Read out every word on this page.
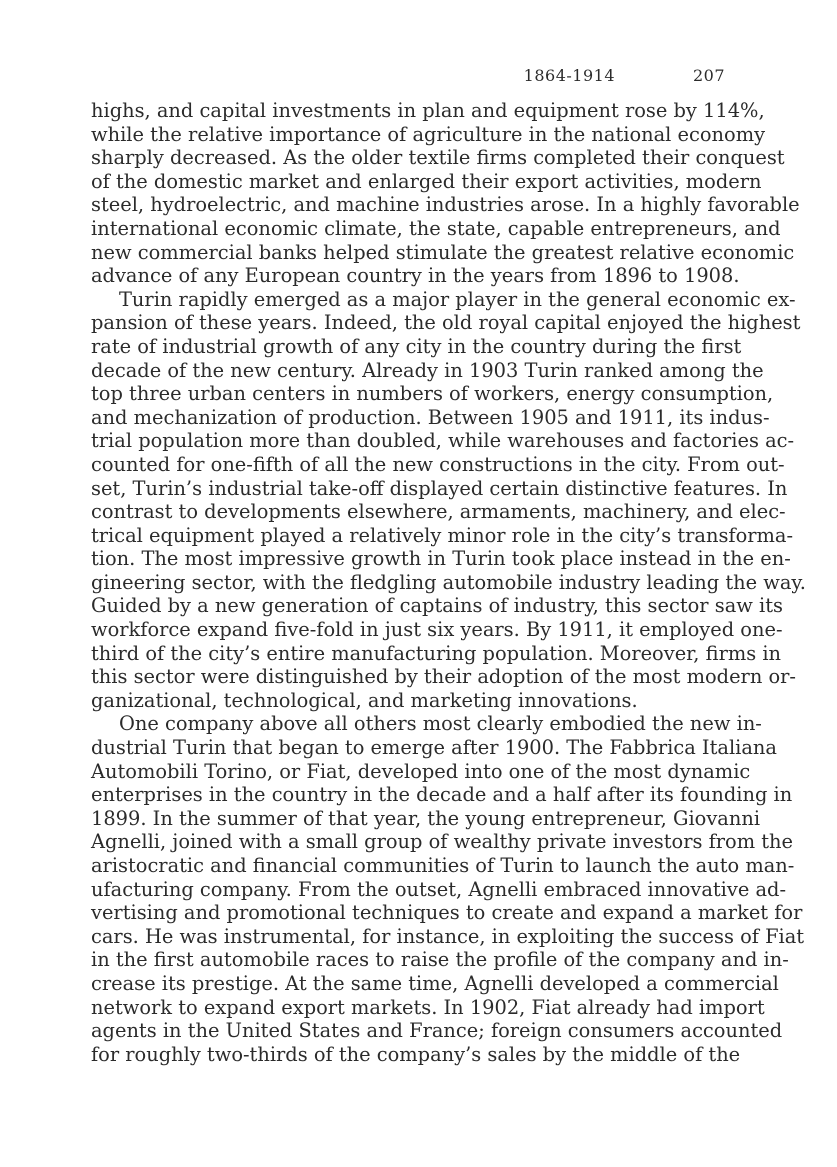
1864-1914	207
highs, and capital investments in plan and equipment rose by 114%,
while the relative importance of agriculture in the national economy
sharply decreased. As the older textile firms completed their conquest
of the domestic market and enlarged their export activities, modern
steel, hydroelectric, and machine industries arose. In a highly favorable
international economic climate, the state, capable entrepreneurs, and
new commercial banks helped stimulate the greatest relative economic
advance of any European country in the years from 1896 to 1908.
Turin rapidly emerged as a major player in the general economic ex-
pansion of these years. Indeed, the old royal capital enjoyed the highest
rate of industrial growth of any city in the country during the first
decade of the new century. Already in 1903 Turin ranked among the
top three urban centers in numbers of workers, energy consumption,
and mechanization of production. Between 1905 and 1911, its indus-
trial population more than doubled, while warehouses and factories ac-
counted for one-fifth of all the new constructions in the city. From out-
set, Turin’s industrial take-off displayed certain distinctive features. In
contrast to developments elsewhere, armaments, machinery, and elec-
trical equipment played a relatively minor role in the city’s transforma-
tion. The most impressive growth in Turin took place instead in the en-
gineering sector, with the fledgling automobile industry leading the way.
Guided by a new generation of captains of industry, this sector saw its
workforce expand five-fold in just six years. By 1911, it employed one-
third of the city’s entire manufacturing population. Moreover, firms in
this sector were distinguished by their adoption of the most modern or-
ganizational, technological, and marketing innovations.
One company above all others most clearly embodied the new in-
dustrial Turin that began to emerge after 1900. The Fabbrica Italiana
Automobili Torino, or Fiat, developed into one of the most dynamic
enterprises in the country in the decade and a half after its founding in
1899. In the summer of that year, the young entrepreneur, Giovanni
Agnelli, joined with a small group of wealthy private investors from the
aristocratic and financial communities of Turin to launch the auto man-
ufacturing company. From the outset, Agnelli embraced innovative ad-
vertising and promotional techniques to create and expand a market for
cars. He was instrumental, for instance, in exploiting the success of Fiat
in the first automobile races to raise the profile of the company and in-
crease its prestige. At the same time, Agnelli developed a commercial
network to expand export markets. In 1902, Fiat already had import
agents in the United States and France; foreign consumers accounted
for roughly two-thirds of the company’s sales by the middle of the
